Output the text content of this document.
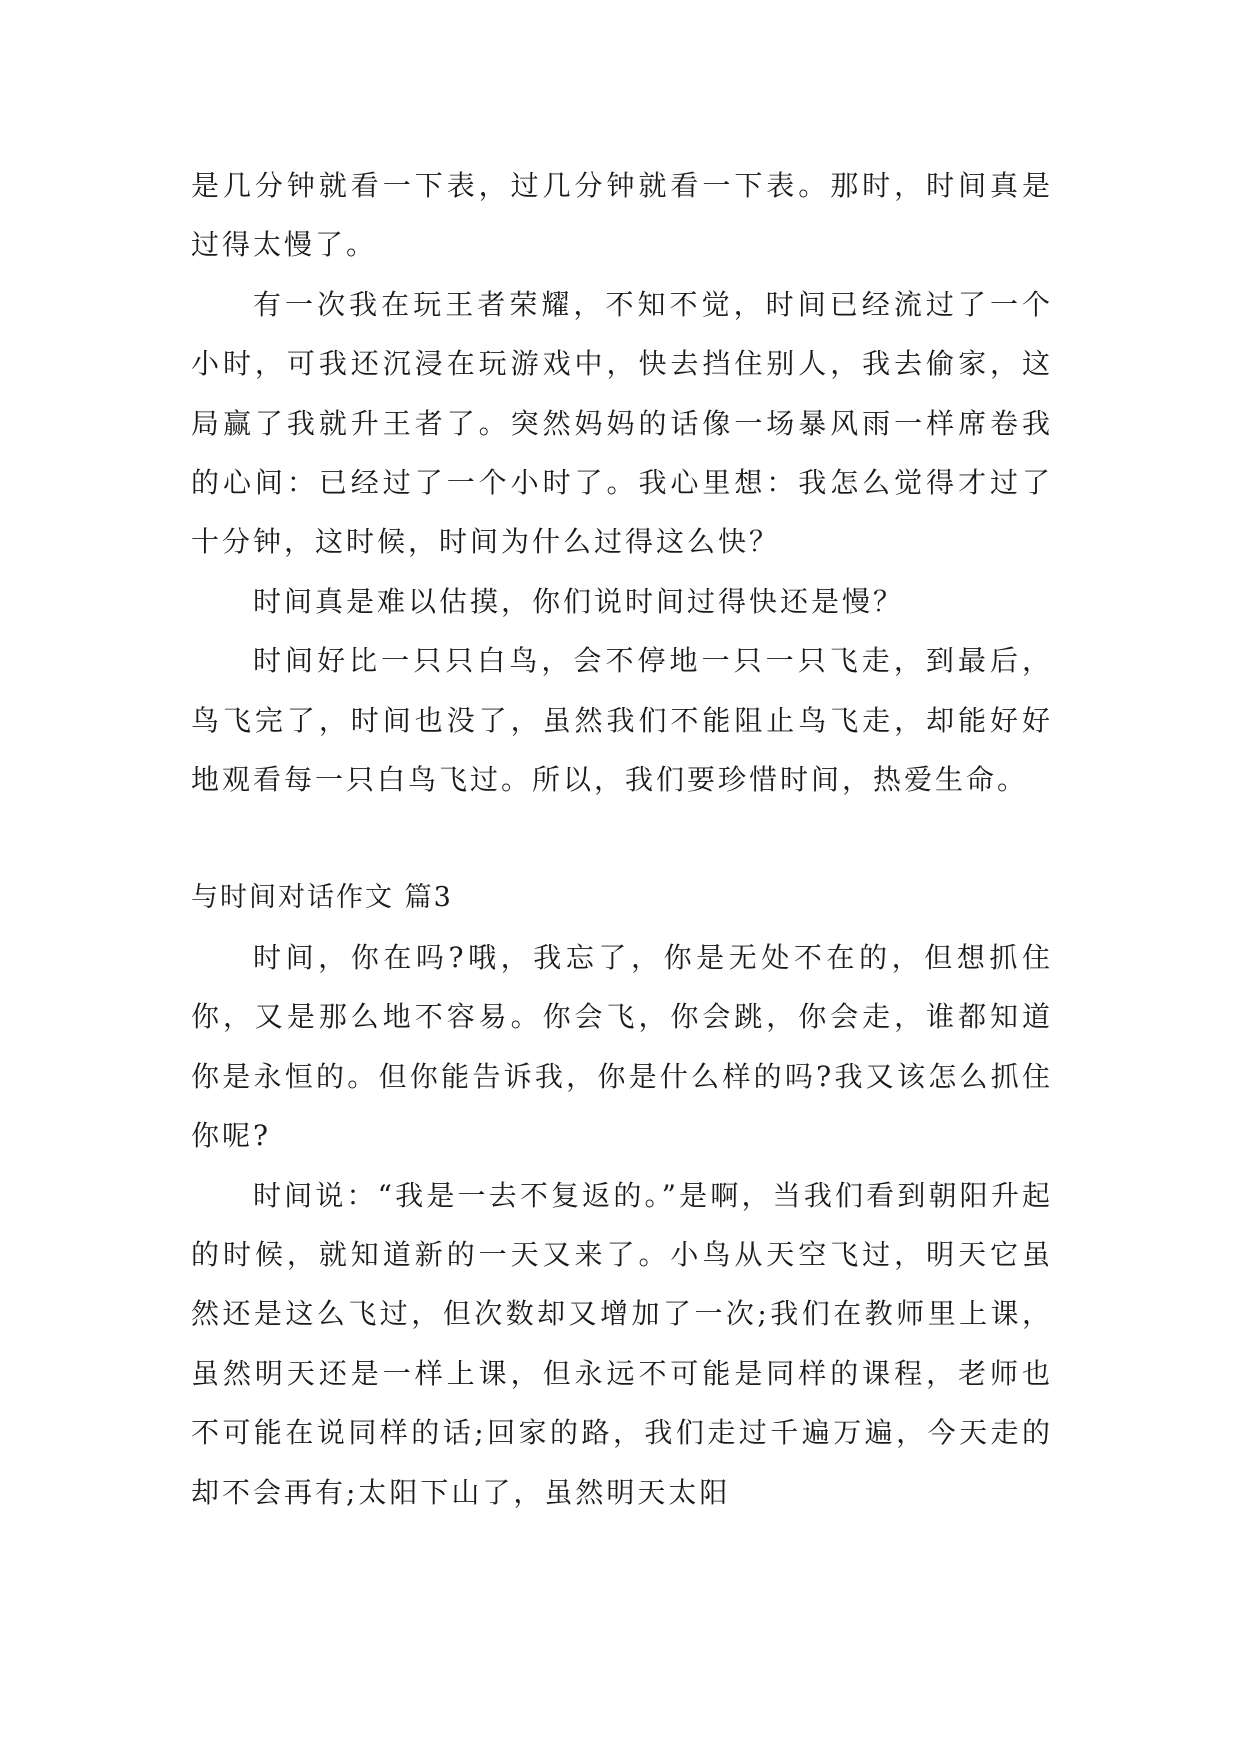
是几分钟就看一下表，过几分钟就看一下表。那时，时间真是过得太慢了。

有一次我在玩王者荣耀，不知不觉，时间已经流过了一个小时，可我还沉浸在玩游戏中，快去挡住别人，我去偷家，这局赢了我就升王者了。突然妈妈的话像一场暴风雨一样席卷我的心间：已经过了一个小时了。我心里想：我怎么觉得才过了十分钟，这时候，时间为什么过得这么快？

时间真是难以估摸，你们说时间过得快还是慢？

时间好比一只只白鸟，会不停地一只一只飞走，到最后，鸟飞完了，时间也没了，虽然我们不能阻止鸟飞走，却能好好地观看每一只白鸟飞过。所以，我们要珍惜时间，热爱生命。

与时间对话作文 篇3

时间，你在吗?哦，我忘了，你是无处不在的，但想抓住你，又是那么地不容易。你会飞，你会跳，你会走，谁都知道你是永恒的。但你能告诉我，你是什么样的吗?我又该怎么抓住你呢?

时间说：“我是一去不复返的。”是啊，当我们看到朝阳升起的时候，就知道新的一天又来了。小鸟从天空飞过，明天它虽然还是这么飞过，但次数却又增加了一次;我们在教师里上课，虽然明天还是一样上课，但永远不可能是同样的课程，老师也不可能在说同样的话;回家的路，我们走过千遍万遍，今天走的却不会再有;太阳下山了，虽然明天太阳
